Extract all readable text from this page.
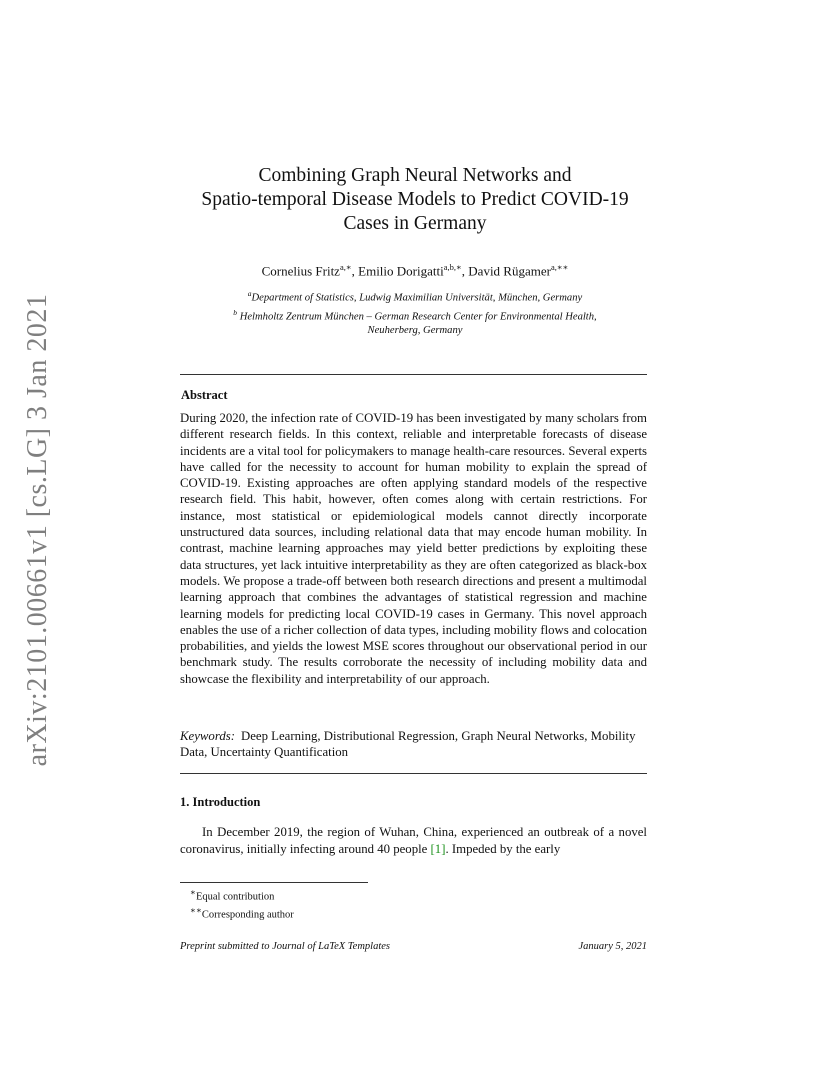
arXiv:2101.00661v1 [cs.LG] 3 Jan 2021
Combining Graph Neural Networks and
Spatio-temporal Disease Models to Predict COVID-19
Cases in Germany
Cornelius Fritz$^{a,∗}$, Emilio Dorigatti$^{a,b,∗}$, David Rügamer$^{a,∗∗}$
$^a$Department of Statistics, Ludwig Maximilian Universität, München, Germany
$^b$ Helmholtz Zentrum München – German Research Center for Environmental Health,
Neuherberg, Germany
Abstract

During 2020, the infection rate of COVID-19 has been investigated by many scholars from different research fields. In this context, reliable and interpretable forecasts of disease incidents are a vital tool for policymakers to manage health-care resources. Several experts have called for the necessity to account for human mobility to explain the spread of COVID-19. Existing approaches are often applying standard models of the respective research field. This habit, however, often comes along with certain restrictions. For instance, most statistical or epidemiological models cannot directly incorporate unstructured data sources, including relational data that may encode human mobility. In contrast, machine learning approaches may yield better predictions by exploiting these data structures, yet lack intuitive interpretability as they are often categorized as black-box models. We propose a trade-off between both research directions and present a multimodal learning approach that combines the advantages of statistical regression and machine learning models for predicting local COVID-19 cases in Germany. This novel approach enables the use of a richer collection of data types, including mobility flows and colocation probabilities, and yields the lowest MSE scores throughout our observational period in our benchmark study. The results corroborate the necessity of including mobility data and showcase the flexibility and interpretability of our approach.

Keywords: Deep Learning, Distributional Regression, Graph Neural Networks, Mobility Data, Uncertainty Quantification

1. Introduction

In December 2019, the region of Wuhan, China, experienced an outbreak of a novel coronavirus, initially infecting around 40 people [1]. Impeded by the early

∗Equal contribution
∗∗Corresponding author
Preprint submitted to Journal of LaTeX Templates	January 5, 2021
